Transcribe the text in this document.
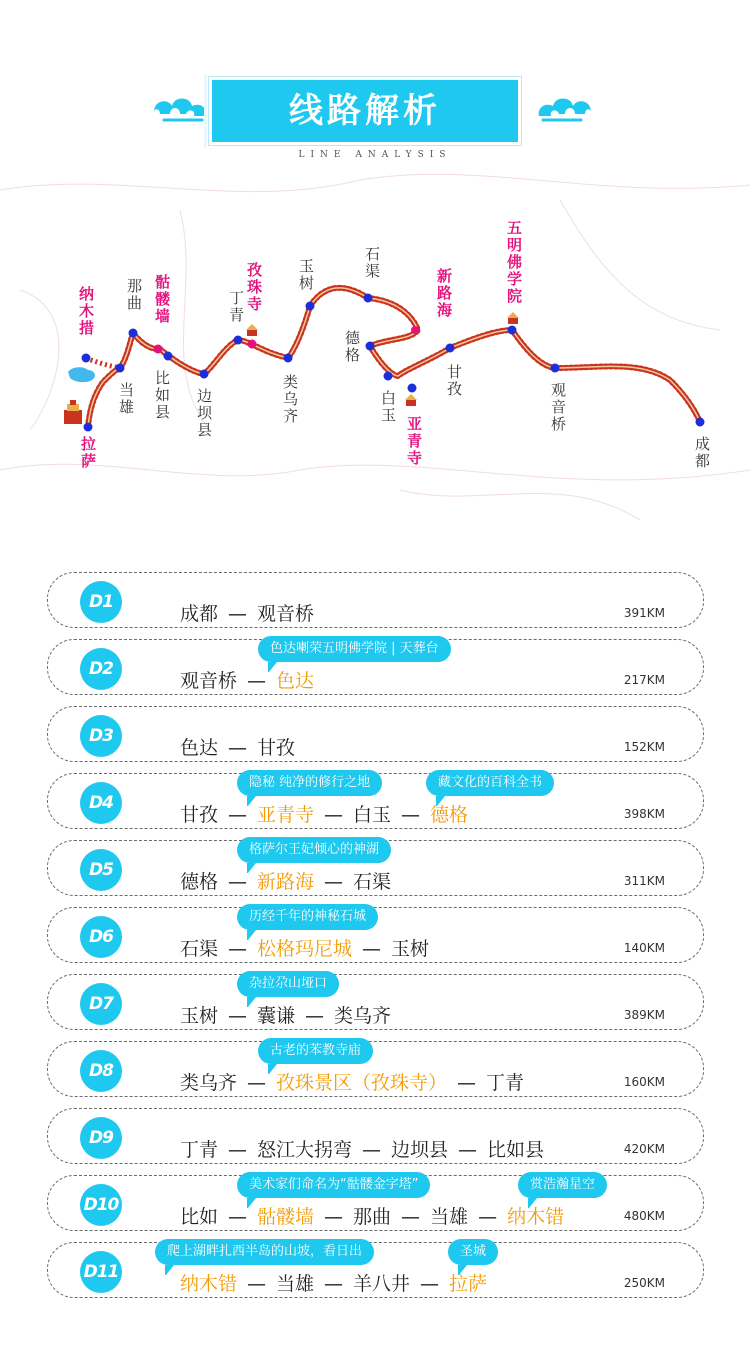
线路解析
LINE ANALYSIS
纳木措 那曲 骷髅墙
当雄 比如县
拉萨
边坝县
丁青 孜珠寺
类乌齐
玉树	石渠
德格
白玉
亚青寺
新路海
甘孜
五明佛学院
观音桥
成都
D1
成都 — 观音桥	391KM
D2
色达喇荣五明佛学院 | 天葬台
观音桥 — 色达	217KM
D3
色达 — 甘孜	152KM
D4
隐秘 纯净的修行之地	藏文化的百科全书
甘孜 — 亚青寺 — 白玉 — 德格	398KM
D5
格萨尔王妃倾心的神湖
德格 — 新路海 — 石渠	311KM
D6
历经千年的神秘石城
石渠 — 松格玛尼城 — 玉树	140KM
D7
杂拉尕山垭口
玉树 — 囊谦 — 类乌齐	389KM
D8
古老的苯教寺庙
类乌齐 — 孜珠景区（孜珠寺） — 丁青	160KM
D9
丁青 — 怒江大拐弯 — 边坝县 — 比如县	420KM
D10
美术家们命名为“骷髅金字塔”	赏浩瀚星空
比如 — 骷髅墙 — 那曲 — 当雄 — 纳木错	480KM
D11
爬上湖畔扎西半岛的山坡，看日出	圣城
纳木错 — 当雄 — 羊八井 — 拉萨	250KM
